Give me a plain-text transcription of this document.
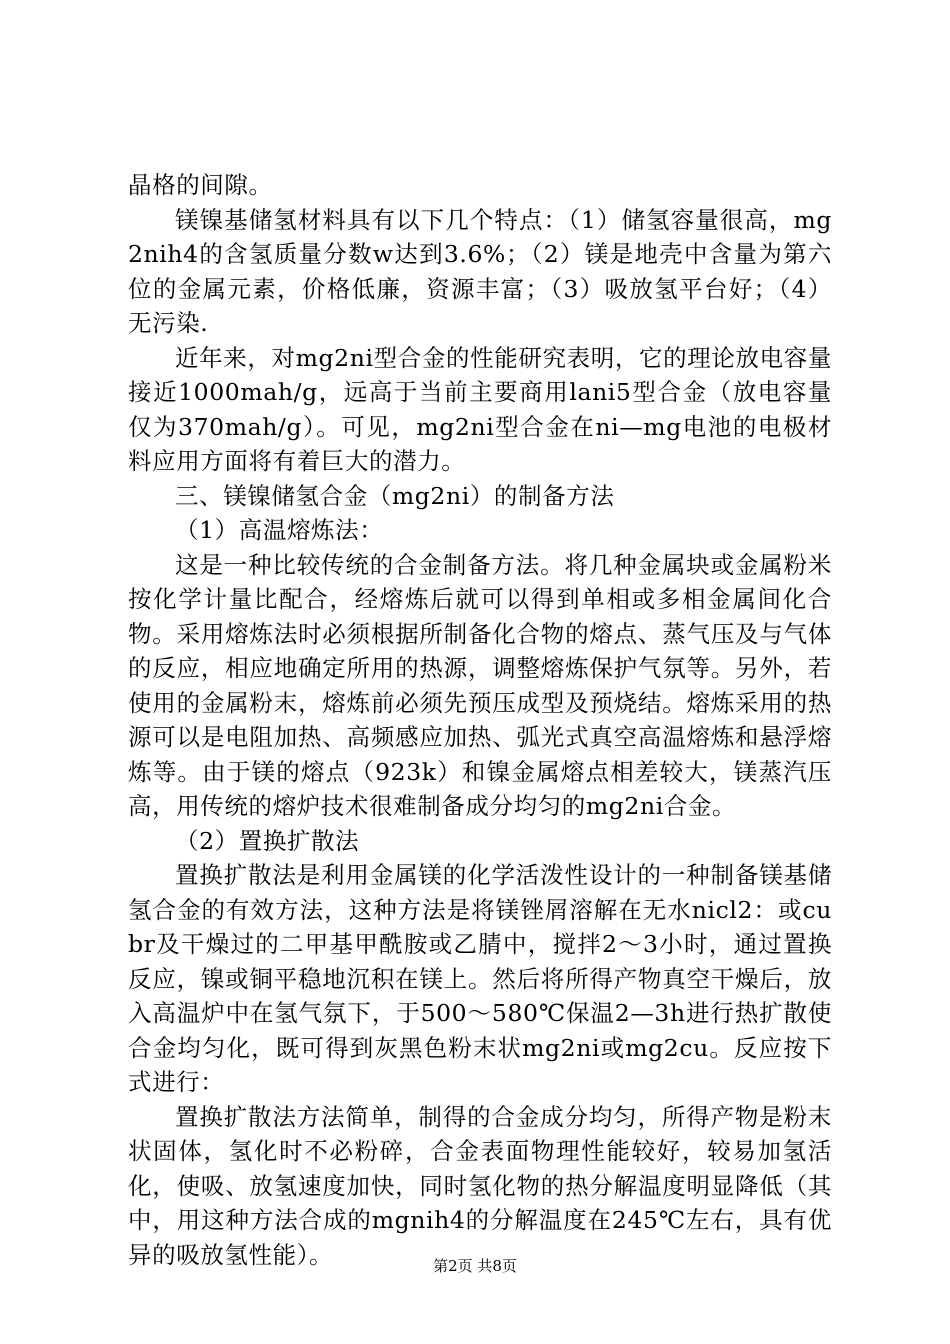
晶格的间隙。

镁镍基储氢材料具有以下几个特点：（1）储氢容量很高，mg2nih4的含氢质量分数w达到3.6%；（2）镁是地壳中含量为第六位的金属元素，价格低廉，资源丰富；（3）吸放氢平台好；（4）无污染.

近年来，对mg2ni型合金的性能研究表明，它的理论放电容量接近1000mah/g，远高于当前主要商用lani5型合金（放电容量仅为370mah/g）。可见，mg2ni型合金在ni—mg电池的电极材料应用方面将有着巨大的潜力。

三、镁镍储氢合金（mg2ni）的制备方法

（1）高温熔炼法：

这是一种比较传统的合金制备方法。将几种金属块或金属粉米按化学计量比配合，经熔炼后就可以得到单相或多相金属间化合物。采用熔炼法时必须根据所制备化合物的熔点、蒸气压及与气体的反应，相应地确定所用的热源，调整熔炼保护气氛等。另外，若使用的金属粉末，熔炼前必须先预压成型及预烧结。熔炼采用的热源可以是电阻加热、高频感应加热、弧光式真空高温熔炼和悬浮熔炼等。由于镁的熔点（923k）和镍金属熔点相差较大，镁蒸汽压高，用传统的熔炉技术很难制备成分均匀的mg2ni合金。

（2）置换扩散法

置换扩散法是利用金属镁的化学活泼性设计的一种制备镁基储氢合金的有效方法，这种方法是将镁锉屑溶解在无水nicl2：或cubr及干燥过的二甲基甲酰胺或乙腈中，搅拌2～3小时，通过置换反应，镍或铜平稳地沉积在镁上。然后将所得产物真空干燥后，放入高温炉中在氢气氛下，于500～580℃保温2—3h进行热扩散使合金均匀化，既可得到灰黑色粉末状mg2ni或mg2cu。反应按下式进行：

置换扩散法方法简单，制得的合金成分均匀，所得产物是粉末状固体，氢化时不必粉碎，合金表面物理性能较好，较易加氢活化，使吸、放氢速度加快，同时氢化物的热分解温度明显降低（其中，用这种方法合成的mgnih4的分解温度在245℃左右，具有优异的吸放氢性能）。	第2页 共8页
